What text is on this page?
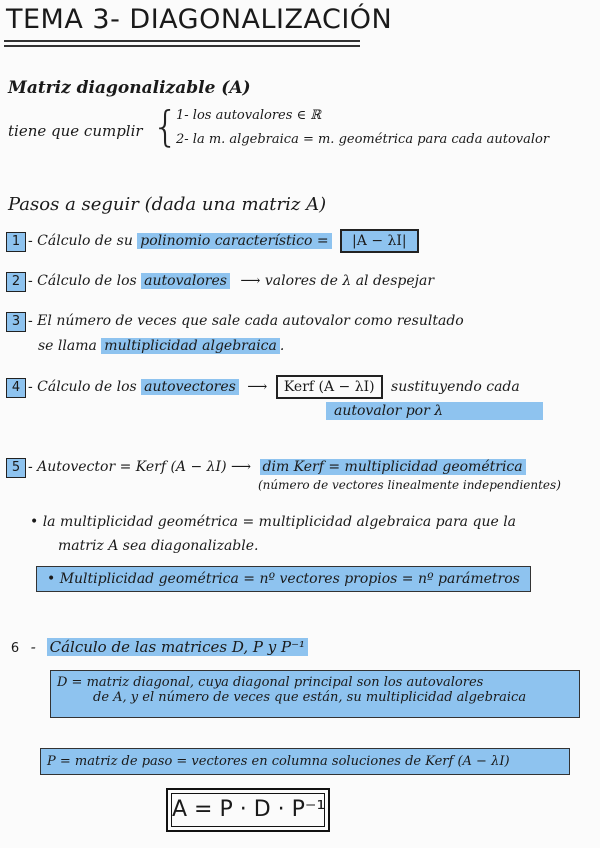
TEMA 3- DIAGONALIZACIÓN
Matriz diagonalizable (A)
tiene que cumplir {
1- los autovalores ∈ ℝ
2- la m. algebraica = m. geométrica para cada autovalor
Pasos a seguir (dada una matriz A)
1 - Cálculo de su polinomio característico = |A − λI|
2 - Cálculo de los autovalores ⟶ valores de λ al despejar
3 - El número de veces que sale cada autovalor como resultado
se llama multiplicidad algebraica .
4 - Cálculo de los autovectores ⟶ Kerf (A − λI) sustituyendo cada
autovalor por λ
5 - Autovector = Kerf (A − λI) ⟶ dim Kerf = multiplicidad geométrica
(número de vectores linealmente independientes)
• la multiplicidad geométrica = multiplicidad algebraica para que la
matriz A sea diagonalizable.
• Multiplicidad geométrica = nº vectores propios = nº parámetros
6 - Cálculo de las matrices D, P y P⁻¹
D = matriz diagonal, cuya diagonal principal son los autovalores
de A, y el número de veces que están, su multiplicidad algebraica
P = matriz de paso = vectores en columna soluciones de Kerf (A − λI)
A = P · D · P⁻¹
